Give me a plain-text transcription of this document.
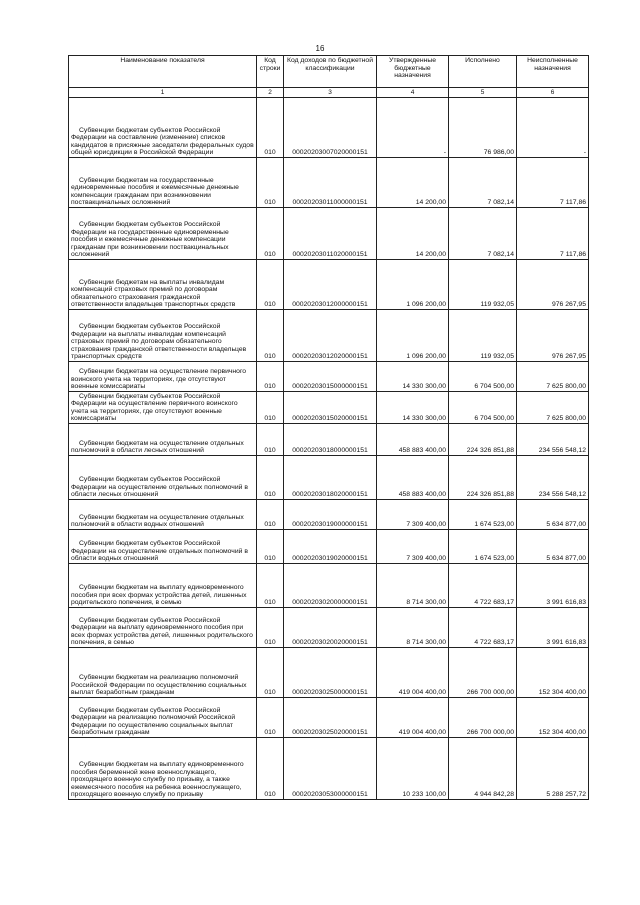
16
Наименование показателя	Код строки	Код доходов по бюджетной классификации	Утвержденные бюджетные назначения	Исполнено	Неисполненные назначения
1	2	3	4	5	6

Субвенции бюджетам субъектов Российской Федерации на составление (изменение) списков кандидатов в присяжные заседатели федеральных судов общей юрисдикции в Российской Федерации	010	00020203007020000151	-	76 986,00	-

Субвенции бюджетам на государственные единовременные пособия и ежемесячные денежные компенсации гражданам при возникновении поствакцинальных осложнений	010	00020203011000000151	14 200,00	7 082,14	7 117,86

Субвенции бюджетам субъектов Российской Федерации на государственные единовременные пособия и ежемесячные денежные компенсации гражданам при возникновении поствакцинальных осложнений	010	00020203011020000151	14 200,00	7 082,14	7 117,86

Субвенции бюджетам на выплаты инвалидам компенсаций страховых премий по договорам обязательного страхования гражданской ответственности владельцев транспортных средств	010	00020203012000000151	1 096 200,00	119 932,05	976 267,95

Субвенции бюджетам субъектов Российской Федерации на выплаты инвалидам компенсаций страховых премий по договорам обязательного страхования гражданской ответственности владельцев транспортных средств	010	00020203012020000151	1 096 200,00	119 932,05	976 267,95

Субвенции бюджетам на осуществление первичного воинского учета на территориях, где отсутствуют военные комиссариаты	010	00020203015000000151	14 330 300,00	6 704 500,00	7 625 800,00

Субвенции бюджетам субъектов Российской Федерации на осуществление первичного воинского учета на территориях, где отсутствуют военные комиссариаты	010	00020203015020000151	14 330 300,00	6 704 500,00	7 625 800,00

Субвенции бюджетам на осуществление отдельных полномочий в области лесных отношений	010	00020203018000000151	458 883 400,00	224 326 851,88	234 556 548,12

Субвенции бюджетам субъектов Российской Федерации на осуществление отдельных полномочий в области лесных отношений	010	00020203018020000151	458 883 400,00	224 326 851,88	234 556 548,12

Субвенции бюджетам на осуществление отдельных полномочий в области водных отношений	010	00020203019000000151	7 309 400,00	1 674 523,00	5 634 877,00

Субвенции бюджетам субъектов Российской Федерации на осуществление отдельных полномочий в области водных отношений	010	00020203019020000151	7 309 400,00	1 674 523,00	5 634 877,00

Субвенции бюджетам на выплату единовременного пособия при всех формах устройства детей, лишенных родительского попечения, в семью	010	00020203020000000151	8 714 300,00	4 722 683,17	3 991 616,83

Субвенции бюджетам субъектов Российской Федерации на выплату единовременного пособия при всех формах устройства детей, лишенных родительского попечения, в семью	010	00020203020020000151	8 714 300,00	4 722 683,17	3 991 616,83

Субвенции бюджетам на реализацию полномочий Российской Федерации по осуществлению социальных выплат безработным гражданам	010	00020203025000000151	419 004 400,00	266 700 000,00	152 304 400,00

Субвенции бюджетам субъектов Российской Федерации на реализацию полномочий Российской Федерации по осуществлению социальных выплат безработным гражданам	010	00020203025020000151	419 004 400,00	266 700 000,00	152 304 400,00

Субвенции бюджетам на выплату единовременного пособия беременной жене военнослужащего, проходящего военную службу по призыву, а также ежемесячного пособия на ребенка военнослужащего, проходящего военную службу по призыву	010	00020203053000000151	10 233 100,00	4 944 842,28	5 288 257,72
